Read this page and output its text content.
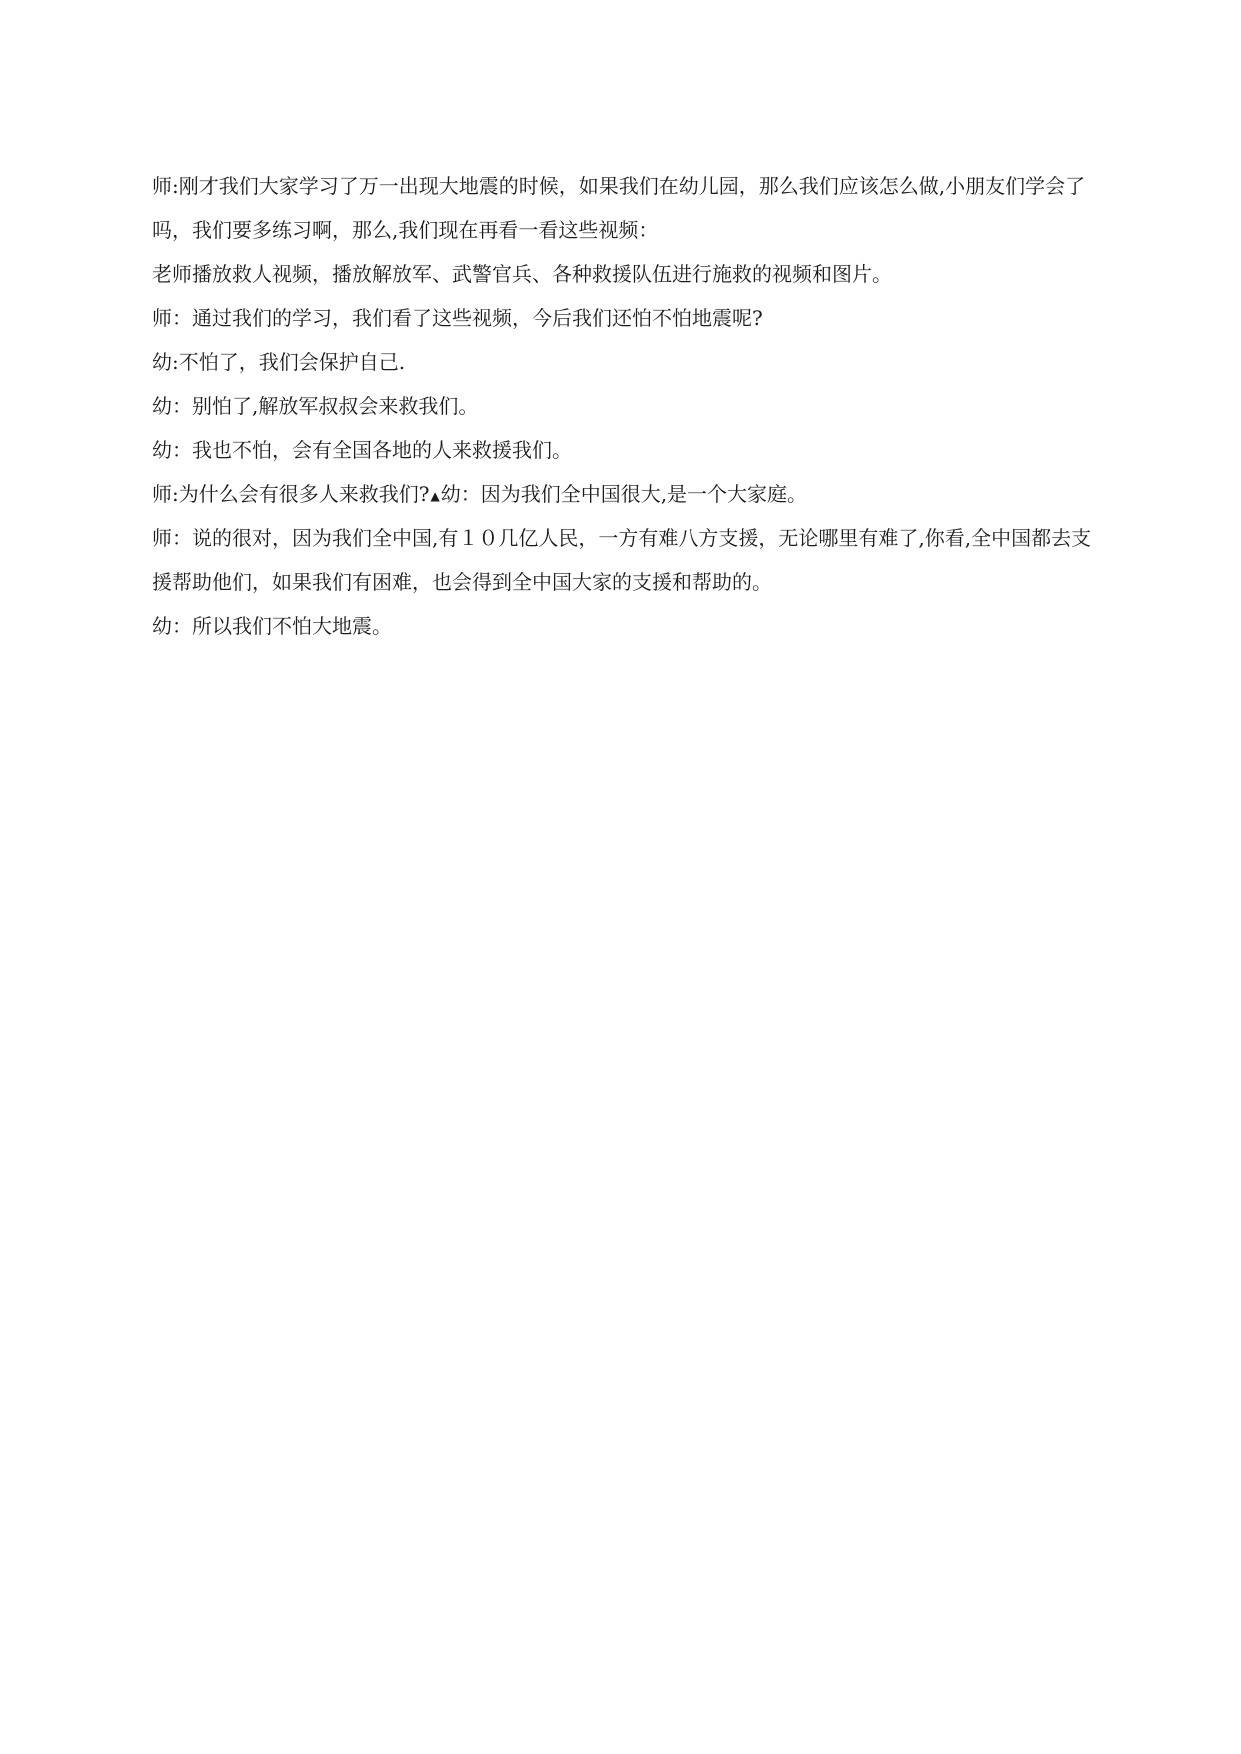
师:刚才我们大家学习了万一出现大地震的时候，如果我们在幼儿园，那么我们应该怎么做,小朋友们学会了吗，我们要多练习啊，那么,我们现在再看一看这些视频：

老师播放救人视频，播放解放军、武警官兵、各种救援队伍进行施救的视频和图片。

师：通过我们的学习，我们看了这些视频，今后我们还怕不怕地震呢?

幼:不怕了，我们会保护自己.

幼：别怕了,解放军叔叔会来救我们。

幼：我也不怕，会有全国各地的人来救援我们。

师:为什么会有很多人来救我们?▲幼：因为我们全中国很大,是一个大家庭。

师：说的很对，因为我们全中国,有１０几亿人民，一方有难八方支援，无论哪里有难了,你看,全中国都去支援帮助他们，如果我们有困难，也会得到全中国大家的支援和帮助的。

幼：所以我们不怕大地震。
